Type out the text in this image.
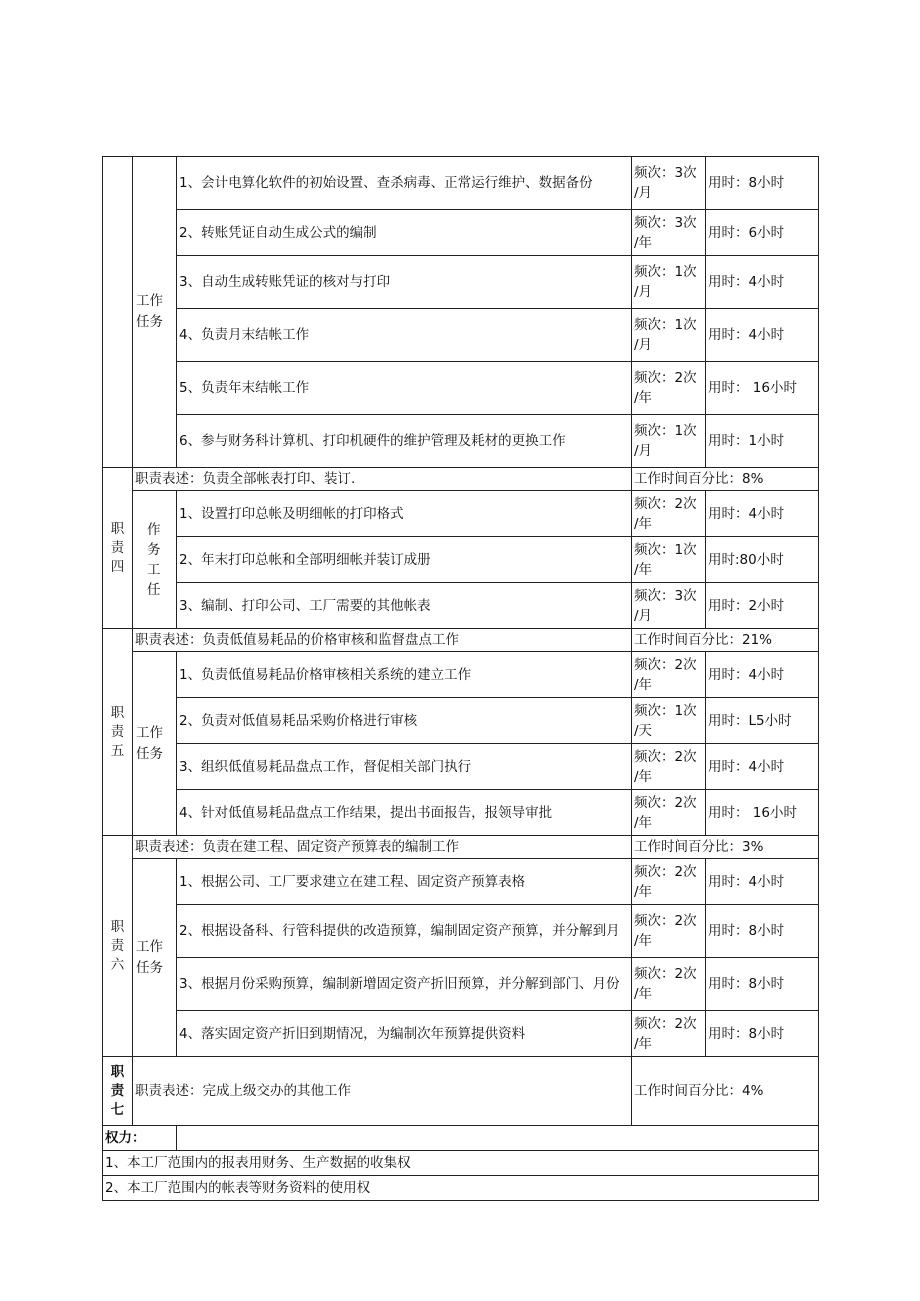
	工作任务	1、会计电算化软件的初始设置、查杀病毒、正常运行维护、数据备份	频次：3次
/月	用时：8小时
		2、转账凭证自动生成公式的编制	频次：3次
/年	用时：6小时
		3、自动生成转账凭证的核对与打印	频次：1次
/月	用时：4小时
		4、负责月末结帐工作	频次：1次
/月	用时：4小时
		5、负责年末结帐工作	频次：2次
/年	用时： 16小时
		6、参与财务科计算机、打印机硬件的维护管理及耗材的更换工作	频次：1次
/月	用时：1小时

职责四	职责表述：负责全部帐表打印、装订.		工作时间百分比：8%	

	作务工任	1、设置打印总帐及明细帐的打印格式	频次：2次
/年	用时：4小时
		2、年末打印总帐和全部明细帐并装订成册	频次：1次
/年	用时:80小时
		3、编制、打印公司、工厂需要的其他帐表	频次：3次
/月	用时：2小时

职责五	职责表述：负责低值易耗品的价格审核和监督盘点工作		工作时间百分比：21%	

	工作任务	1、负责低值易耗品价格审核相关系统的建立工作	频次：2次
/年	用时：4小时
		2、负责对低值易耗品采购价格进行审核	频次：1次
/天	用时：L5小时
		3、组织低值易耗品盘点工作，督促相关部门执行	频次：2次
/年	用时：4小时
		4、针对低值易耗品盘点工作结果，提出书面报告，报领导审批	频次：2次
/年	用时： 16小时

职责六	职责表述：负责在建工程、固定资产预算表的编制工作		工作时间百分比：3%	

	工作任务	1、根据公司、工厂要求建立在建工程、固定资产预算表格	频次：2次
/年	用时：4小时
		2、根据设备科、行管科提供的改造预算，编制固定资产预算，并分解到月	频次：2次
/年	用时：8小时
		3、根据月份采购预算，编制新增固定资产折旧预算，并分解到部门、月份	频次：2次
/年	用时：8小时
		4、落实固定资产折旧到期情况，为编制次年预算提供资料	频次：2次
/年	用时：8小时

职责七	职责表述：完成上级交办的其他工作		工作时间百分比：4%	
权力：				
1、本工厂范围内的报表用财务、生产数据的收集权				
2、本工厂范围内的帐表等财务资料的使用权				
